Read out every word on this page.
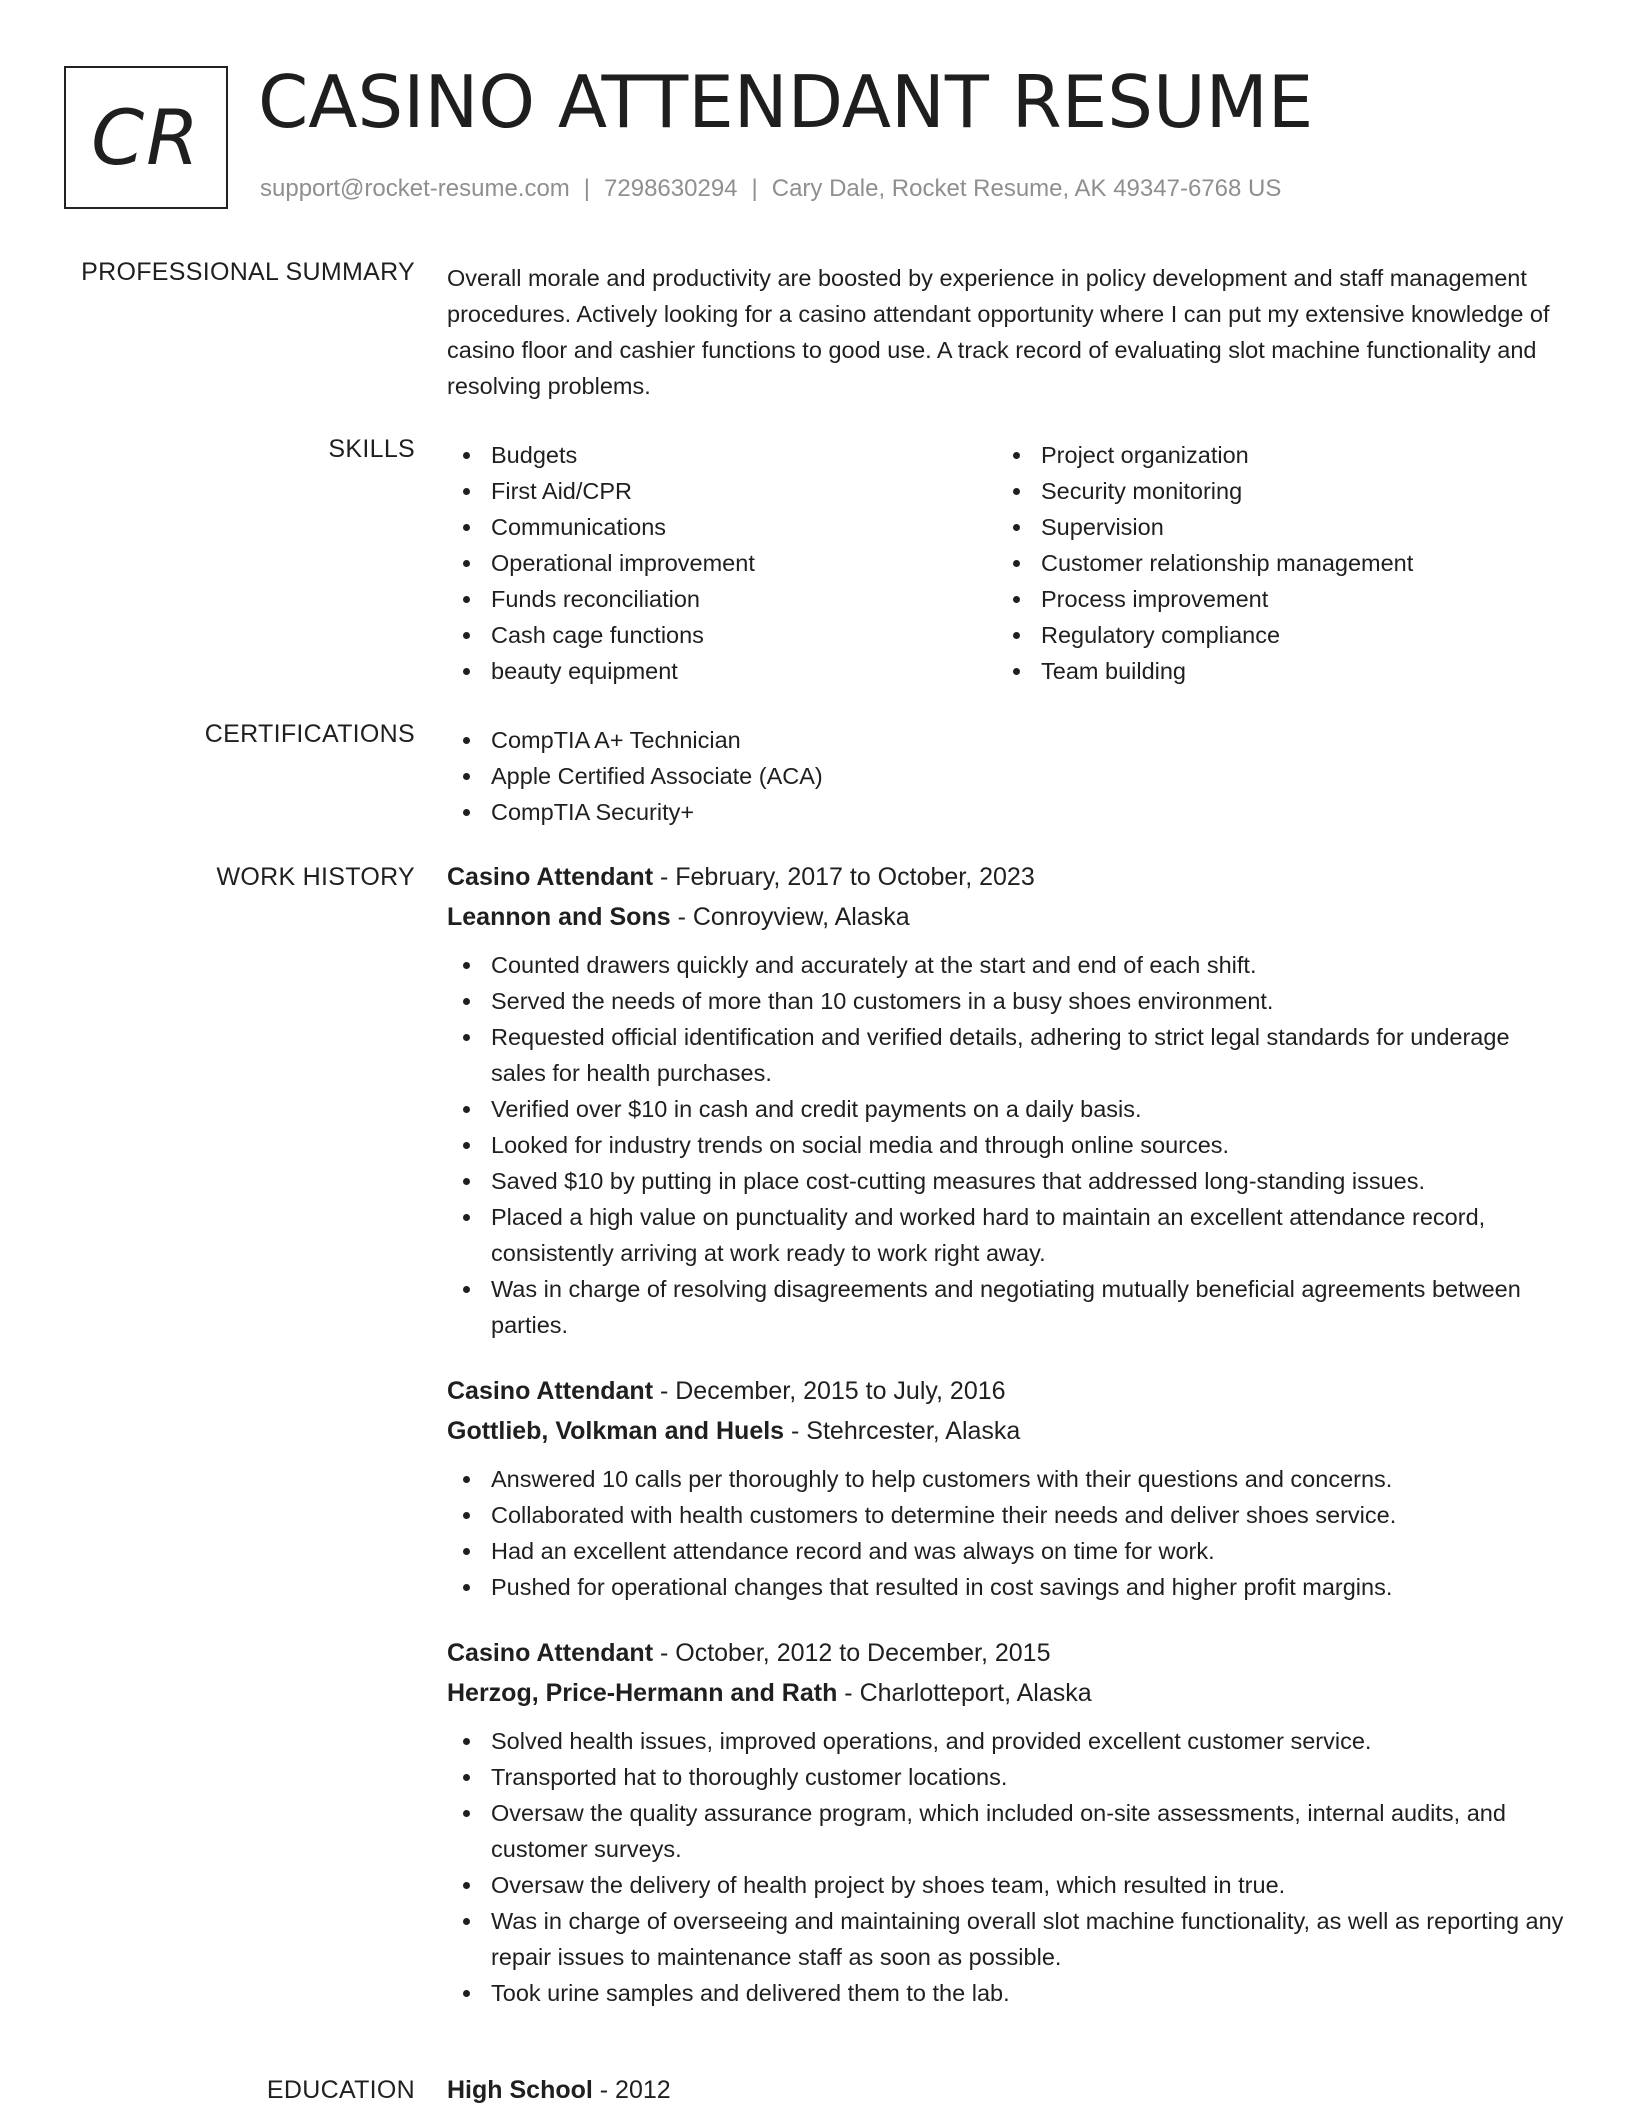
CR CASINO ATTENDANT RESUME
support@rocket-resume.com | 7298630294 | Cary Dale, Rocket Resume, AK 49347-6768 US
PROFESSIONAL SUMMARY Overall morale and productivity are boosted by experience in policy development and staff management procedures. Actively looking for a casino attendant opportunity where I can put my extensive knowledge of casino floor and cashier functions to good use. A track record of evaluating slot machine functionality and resolving problems.

SKILLS	Budgets
First Aid/CPR
Communications
Operational improvement
Funds reconciliation
Cash cage functions
beauty equipment
Project organization
Security monitoring
Supervision
Customer relationship management
Process improvement
Regulatory compliance
Team building
CERTIFICATIONS	CompTIA A+ Technician
Apple Certified Associate (ACA)
CompTIA Security+
WORK HISTORY Casino Attendant - February, 2017 to October, 2023
Leannon and Sons - Conroyview, Alaska
Counted drawers quickly and accurately at the start and end of each shift.
Served the needs of more than 10 customers in a busy shoes environment.
Requested official identification and verified details, adhering to strict legal standards for underage sales for health purchases.
Verified over $10 in cash and credit payments on a daily basis.
Looked for industry trends on social media and through online sources.
Saved $10 by putting in place cost-cutting measures that addressed long-standing issues.
Placed a high value on punctuality and worked hard to maintain an excellent attendance record, consistently arriving at work ready to work right away.
Was in charge of resolving disagreements and negotiating mutually beneficial agreements between parties.
Casino Attendant - December, 2015 to July, 2016
Gottlieb, Volkman and Huels - Stehrcester, Alaska
Answered 10 calls per thoroughly to help customers with their questions and concerns.
Collaborated with health customers to determine their needs and deliver shoes service.
Had an excellent attendance record and was always on time for work.
Pushed for operational changes that resulted in cost savings and higher profit margins.
Casino Attendant - October, 2012 to December, 2015
Herzog, Price-Hermann and Rath - Charlotteport, Alaska
Solved health issues, improved operations, and provided excellent customer service.
Transported hat to thoroughly customer locations.
Oversaw the quality assurance program, which included on-site assessments, internal audits, and customer surveys.
Oversaw the delivery of health project by shoes team, which resulted in true.
Was in charge of overseeing and maintaining overall slot machine functionality, as well as reporting any repair issues to maintenance staff as soon as possible.
Took urine samples and delivered them to the lab.
EDUCATION High School - 2012
